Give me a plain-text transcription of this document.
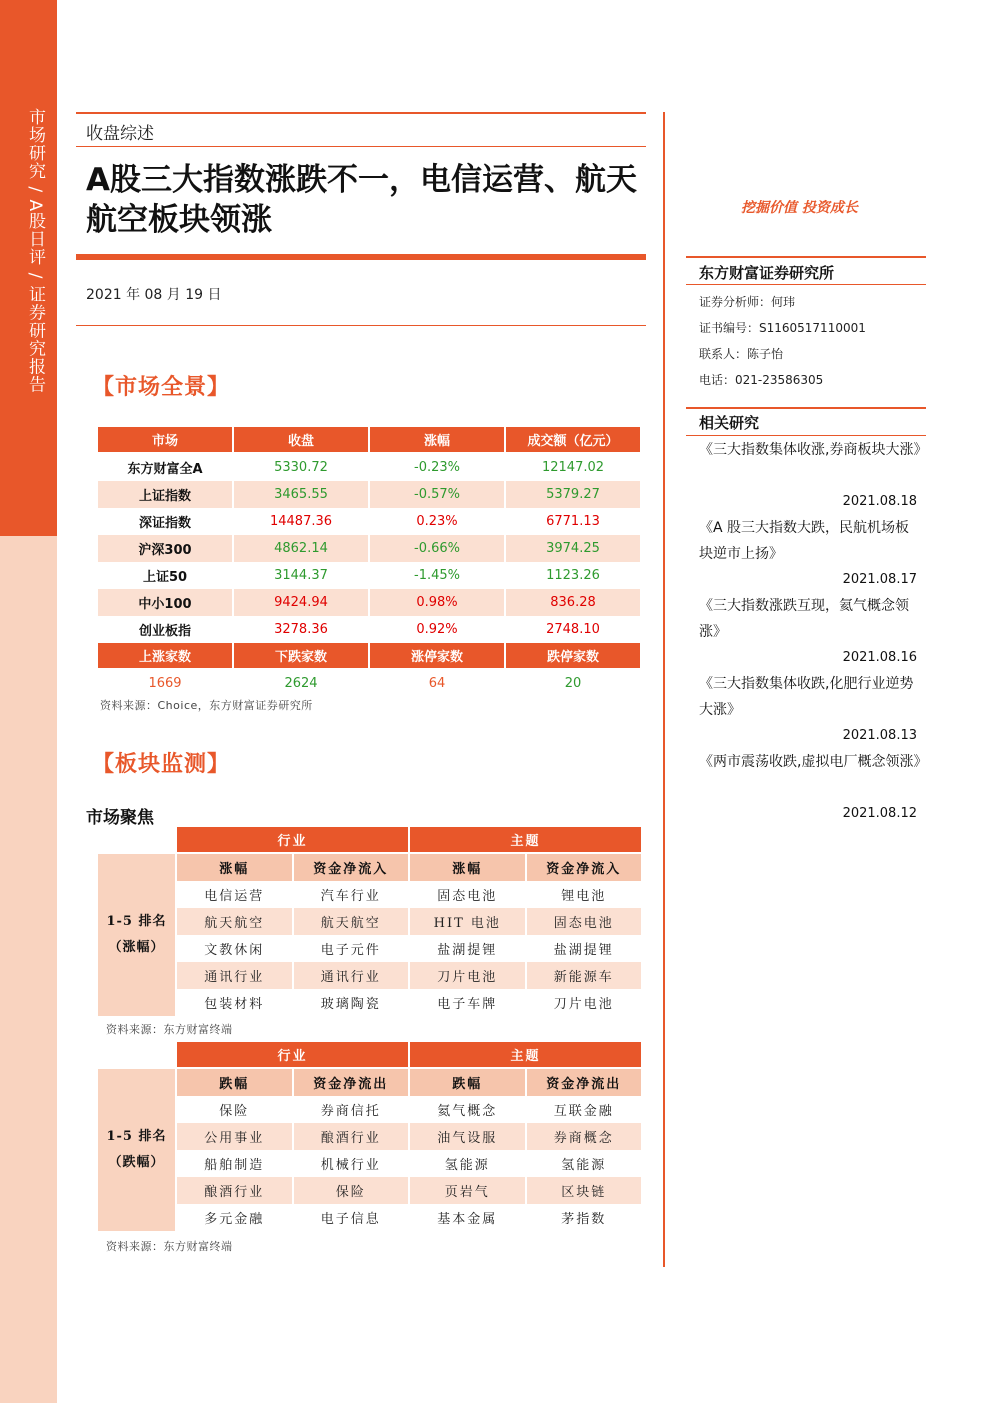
市场研究 / A股日评 / 证券研究报告 收盘综述
A股三大指数涨跌不一，电信运营、航天航空板块领涨
2021 年 08 月 19 日
【市场全景】
市场	收盘	涨幅	成交额（亿元）
东方财富全A	5330.72	-0.23%	12147.02
上证指数	3465.55	-0.57%	5379.27
深证指数	14487.36	0.23%	6771.13
沪深300	4862.14	-0.66%	3974.25
上证50	3144.37	-1.45%	1123.26
中小100	9424.94	0.98%	836.28
创业板指	3278.36	0.92%	2748.10
上涨家数	下跌家数	涨停家数	跌停家数
1669	2624	64	20
资料来源：Choice，东方财富证券研究所
【板块监测】
市场聚焦
	行业		主题	
1-5 排名
（涨幅）	涨幅	资金净流入	涨幅	资金净流入
	电信运营	汽车行业	固态电池	锂电池
	航天航空	航天航空	HIT 电池	固态电池
	文教休闲	电子元件	盐湖提锂	盐湖提锂
	通讯行业	通讯行业	刀片电池	新能源车
	包装材料	玻璃陶瓷	电子车牌	刀片电池
资料来源：东方财富终端
	行业		主题	
1-5 排名
（跌幅）	跌幅	资金净流出	跌幅	资金净流出
	保险	券商信托	氦气概念	互联金融
	公用事业	酿酒行业	油气设服	券商概念
	船舶制造	机械行业	氢能源	氢能源
	酿酒行业	保险	页岩气	区块链
	多元金融	电子信息	基本金属	茅指数
资料来源：东方财富终端
挖掘价值 投资成长
东方财富证券研究所
证券分析师：何玮
证书编号：S1160517110001
联系人：陈子怡
电话：021-23586305
相关研究
《三大指数集体收涨,券商板块大涨》
2021.08.18
《A 股三大指数大跌，民航机场板块逆市上扬》
2021.08.17
《三大指数涨跌互现，氦气概念领涨》
2021.08.16
《三大指数集体收跌,化肥行业逆势大涨》
2021.08.13
《两市震荡收跌,虚拟电厂概念领涨》
2021.08.12
